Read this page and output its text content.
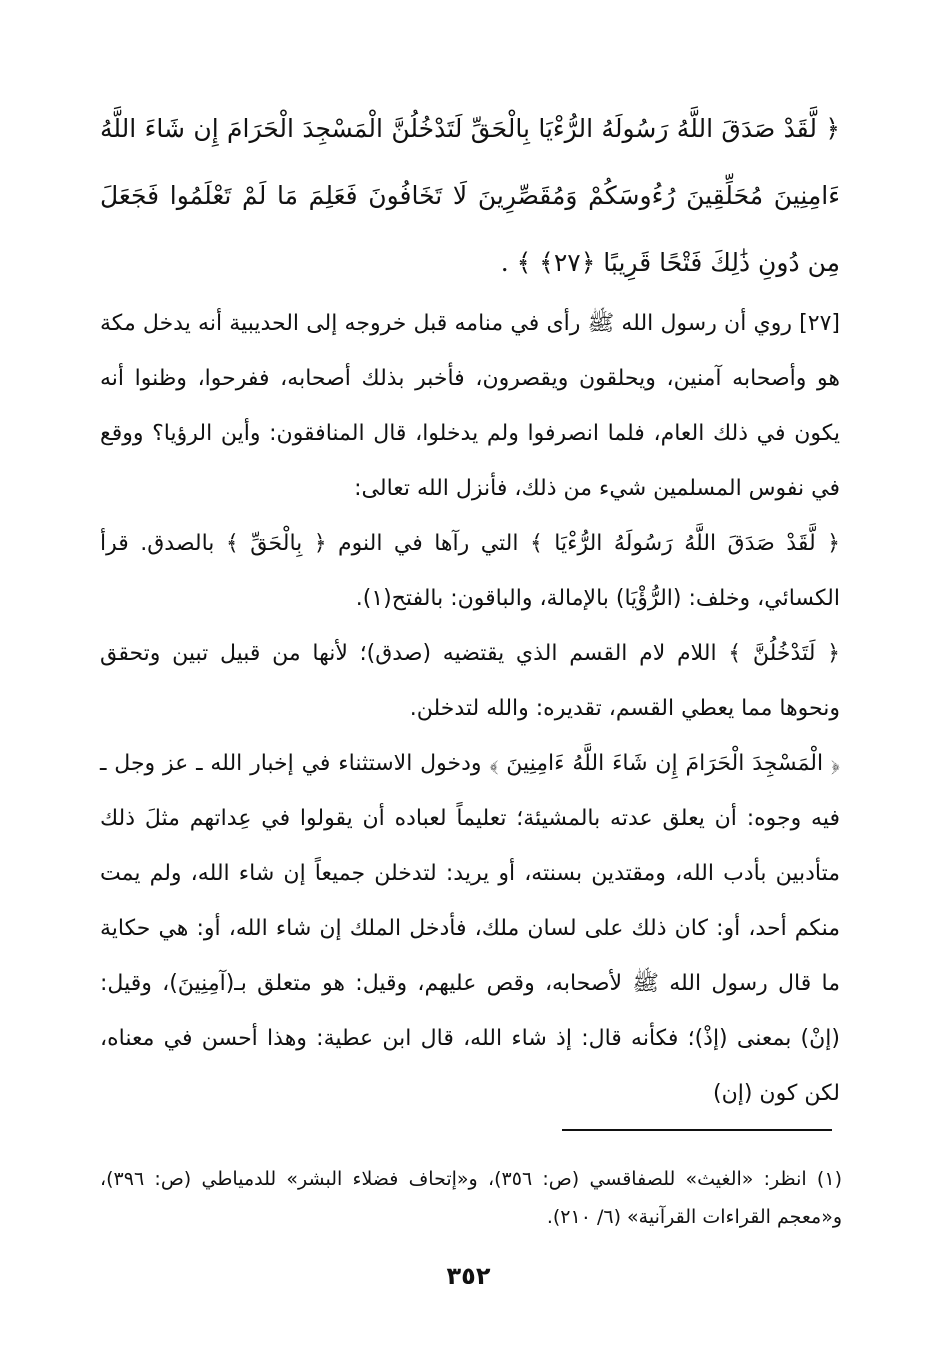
﴿ لَّقَدْ صَدَقَ اللَّهُ رَسُولَهُ الرُّءْيَا بِالْحَقِّ لَتَدْخُلُنَّ الْمَسْجِدَ الْحَرَامَ إِن شَاءَ اللَّهُ ءَامِنِينَ مُحَلِّقِينَ رُءُوسَكُمْ وَمُقَصِّرِينَ لَا تَخَافُونَ فَعَلِمَ مَا لَمْ تَعْلَمُوا فَجَعَلَ مِن دُونِ ذَٰلِكَ فَتْحًا قَرِيبًا ﴿٢٧﴾ ﴾ .

[٢٧] روي أن رسول الله ﷺ رأى في منامه قبل خروجه إلى الحديبية أنه يدخل مكة هو وأصحابه آمنين، ويحلقون ويقصرون، فأخبر بذلك أصحابه، ففرحوا، وظنوا أنه يكون في ذلك العام، فلما انصرفوا ولم يدخلوا، قال المنافقون: وأين الرؤيا؟ ووقع في نفوس المسلمين شيء من ذلك، فأنزل الله تعالى:

﴿ لَّقَدْ صَدَقَ اللَّهُ رَسُولَهُ الرُّءْيَا ﴾ التي رآها في النوم ﴿ بِالْحَقِّ ﴾ بالصدق. قرأ الكسائي، وخلف: (الرُّؤْيَا) بالإمالة، والباقون: بالفتح(١).

﴿ لَتَدْخُلُنَّ ﴾ اللام لام القسم الذي يقتضيه (صدق)؛ لأنها من قبيل تبين وتحقق ونحوها مما يعطي القسم، تقديره: والله لتدخلن.

﴿ الْمَسْجِدَ الْحَرَامَ إِن شَاءَ اللَّهُ ءَامِنِينَ ﴾ ودخول الاستثناء في إخبار الله ـ عز وجل ـ فيه وجوه: أن يعلق عدته بالمشيئة؛ تعليماً لعباده أن يقولوا في عِداتهم مثلَ ذلك متأدبين بأدب الله، ومقتدين بسنته، أو يريد: لتدخلن جميعاً إن شاء الله، ولم يمت منكم أحد، أو: كان ذلك على لسان ملك، فأدخل الملك إن شاء الله، أو: هي حكاية ما قال رسول الله ﷺ لأصحابه، وقص عليهم، وقيل: هو متعلق بـ(آمِنِينَ)، وقيل: (إنْ) بمعنى (إذْ)؛ فكأنه قال: إذ شاء الله، قال ابن عطية: وهذا أحسن في معناه، لكن كون (إن)

(١) انظر: «الغيث» للصفاقسي (ص: ٣٥٦)، و«إتحاف فضلاء البشر» للدمياطي (ص: ٣٩٦)، و«معجم القراءات القرآنية» (٦/ ٢١٠).

٣٥٢
